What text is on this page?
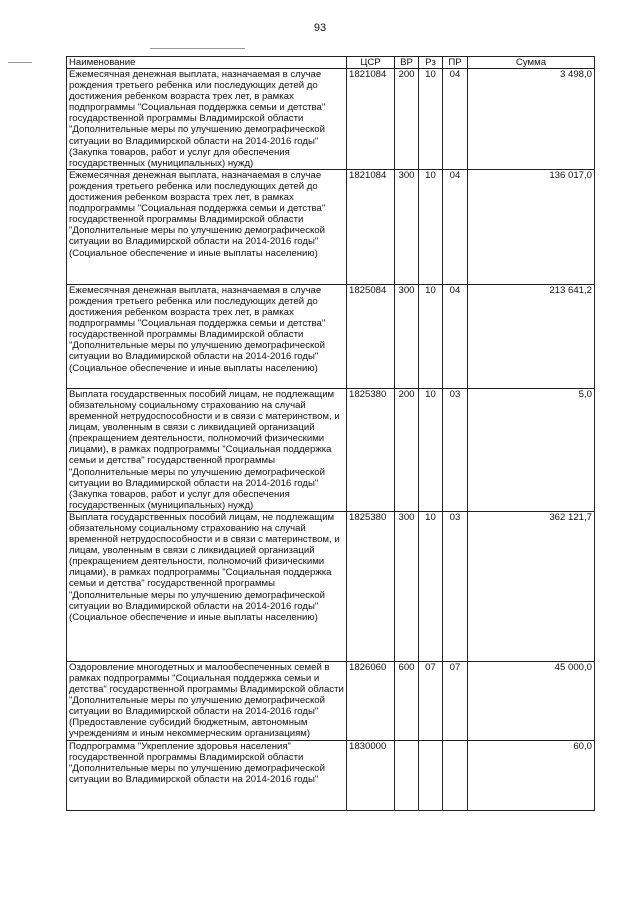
93
Наименование	ЦСР	ВР	Рз	ПР	Сумма
Ежемесячная денежная выплата, назначаемая в случае рождения третьего ребенка или последующих детей до достижения ребенком возраста трех лет, в рамках подпрограммы "Социальная поддержка семьи и детства" государственной программы Владимирской области "Дополнительные меры по улучшению демографической ситуации во Владимирской области на 2014-2016 годы" (Закупка товаров, работ и услуг для обеспечения государственных (муниципальных) нужд)	1821084	200	10	04	3 498,0
Ежемесячная денежная выплата, назначаемая в случае рождения третьего ребенка или последующих детей до достижения ребенком возраста трех лет, в рамках подпрограммы "Социальная поддержка семьи и детства" государственной программы Владимирской области "Дополнительные меры по улучшению демографической ситуации во Владимирской области на 2014-2016 годы" (Социальное обеспечение и иные выплаты населению)	1821084	300	10	04	136 017,0
Ежемесячная денежная выплата, назначаемая в случае рождения третьего ребенка или последующих детей до достижения ребенком возраста трех лет, в рамках подпрограммы "Социальная поддержка семьи и детства" государственной программы Владимирской области "Дополнительные меры по улучшению демографической ситуации во Владимирской области на 2014-2016 годы" (Социальное обеспечение и иные выплаты населению)	1825084	300	10	04	213 641,2
Выплата государственных пособий лицам, не подлежащим обязательному социальному страхованию на случай временной нетрудоспособности и в связи с материнством, и лицам, уволенным в связи с ликвидацией организаций (прекращением деятельности, полномочий физическими лицами), в рамках подпрограммы "Социальная поддержка семьи и детства" государственной программы "Дополнительные меры по улучшению демографической ситуации во Владимирской области на 2014-2016 годы" (Закупка товаров, работ и услуг для обеспечения государственных (муниципальных) нужд)	1825380	200	10	03	5,0
Выплата государственных пособий лицам, не подлежащим обязательному социальному страхованию на случай временной нетрудоспособности и в связи с материнством, и лицам, уволенным в связи с ликвидацией организаций (прекращением деятельности, полномочий физическими лицами), в рамках подпрограммы "Социальная поддержка семьи и детства" государственной программы "Дополнительные меры по улучшению демографической ситуации во Владимирской области на 2014-2016 годы" (Социальное обеспечение и иные выплаты населению)	1825380	300	10	03	362 121,7
Оздоровление многодетных и малообеспеченных семей в рамках подпрограммы "Социальная поддержка семьи и детства" государственной программы Владимирской области "Дополнительные меры по улучшению демографической ситуации во Владимирской области на 2014-2016 годы" (Предоставление субсидий бюджетным, автономным учреждениям и иным некоммерческим организациям)	1826060	600	07	07	45 000,0
Подпрограмма "Укрепление здоровья населения" государственной программы Владимирской области "Дополнительные меры по улучшению демографической ситуации во Владимирской области на 2014-2016 годы"	1830000				60,0
